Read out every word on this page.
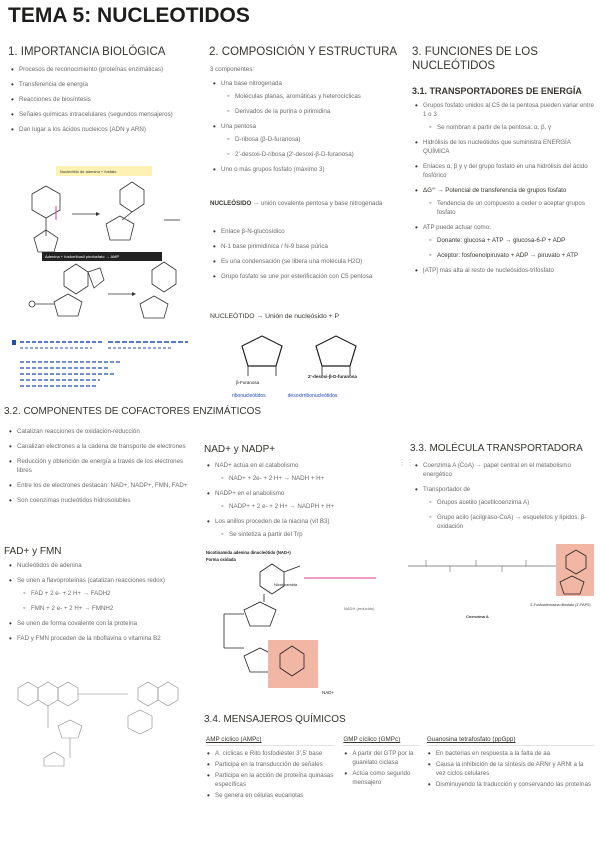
TEMA 5: NUCLEOTIDOS
1. IMPORTANCIA BIOLÓGICA
• Procesos de reconocimiento (proteínas enzimáticas)
• Transferencia de energía
• Reacciones de biosíntesis
• Señales químicas intracelulares (segundos mensajeros)
• Dan lugar a los ácidos nucleicos (ADN y ARN)
Nucleótido de adenina + fosfato
Adenina + fosforribosil pirofosfato → AMP
2. COMPOSICIÓN Y ESTRUCTURA
3 componentes:
• Una base nitrogenada
◦ Moléculas planas, aromáticas y heterocíclicas
◦ Derivados de la purina o pirimidina
• Una pentosa
◦ D-ribosa (β-D-furanosa)
◦ 2'-desoxi-D-ribosa (2'-desoxi-β-D-furanosa)
• Uno o más grupos fosfato (máximo 3)
NUCLEÓSIDO → unión covalente pentosa y base nitrogenada
• Enlace β-N-glucosídico
• N-1 base pirimidínica / N-9 base púrica
• Es una condensación (se libera una molécula H2O)
• Grupo fosfato se une por esterificación con C5 pentosa
NUCLEÓTIDO → Unión de nucleósido + P
β-Furanosa
2'-desoxi-β-D-furanosa
ribonucleótidos	desoxirribonucleótidos
3. FUNCIONES DE LOS NUCLEÓTIDOS
3.1. TRANSPORTADORES DE ENERGÍA
• Grupos fosfato unidos al C5 de la pentosa pueden variar entre 1 o 3
◦ Se nombran a partir de la pentosa: α, β, γ
• Hidrólisis de los nucleótidos que suministra ENERGÍA QUÍMICA
• Enlaces α, β y γ del grupo fosfato en una hidrólisis del ácido fosfórico
• ΔG°' → Potencial de transferencia de grupos fosfato
◦ Tendencia de un compuesto a ceder o aceptar grupos fosfato
• ATP puede actuar como:
◦ Donante: glucosa + ATP → glucosa-6-P + ADP
◦ Aceptor: fosfoenolpiruvato + ADP → piruvato + ATP
• [ATP] más alta al resto de nucleósidos-trifosfato
3.2. COMPONENTES DE COFACTORES ENZIMÁTICOS
• Catalizan reacciones de oxidación-reducción
• Canalizan electrones a la cadena de transporte de electrones
• Reducción y obtención de energía a través de los electrones libres
• Entre los de electrones destacan: NAD+, NADP+, FMN, FAD+
• Son coenzimas nucleótidos hidrosolubles
FAD+ y FMN
• Nucleótidos de adenina
• Se unen a flavoproteínas (catalizan reacciones redox)
◦ FAD + 2 e- + 2 H+ → FADH2
◦ FMN + 2 e- + 2 H+ → FMNH2
• Se unen de forma covalente con la proteína
• FAD y FMN proceden de la riboflavina o vitamina B2
NAD+ y NADP+
• NAD+ actúa en el catabolismo
◦ NAD+ + 2e- + 2 H+ → NADH + H+
• NADP+ en el anabolismo
◦ NADP+ + 2 e- + 2 H+ → NADPH + H+
• Los anillos proceden de la niacina (vit B3)
◦ Se sintetiza a partir del Trp
Nicotinamida adenina dinucleótido (NAD+)
Forma oxidada
Nicotinamida
NADH (reducido)
NAD+
⋮⋮
3.3. MOLÉCULA TRANSPORTADORA
• Coenzima A (CoA) → papel central en el metabolismo energético
• Transportador de
◦ Grupos acetilo (acetilcoenzima A)
◦ Grupo acilo (acilgraso-CoA) → esqueletos y lípidos, β-oxidación
Coenzima A
3'-Fosfoadenosina difosfato (3'-PAPS)
3.4. MENSAJEROS QUÍMICOS
AMP cíclico (AMPc)
• A. cíclicas e Rito fosfodiéster 3',5' base
• Participa en la transducción de señales
• Participa en la acción de proteína quinasas específicas
• Se genera en células eucariotas
GMP cíclico (GMPc)
• A partir del GTP por la guanilato ciclasa
• Actúa como segundo mensajero
Guanosina tetrafosfato (ppGpp)
• En bacterias en respuesta a la falta de aa
• Causa la inhibición de la síntesis de ARNr y ARNt a la vez ciclos celulares
• Disminuyendo la traducción y conservando las proteínas
